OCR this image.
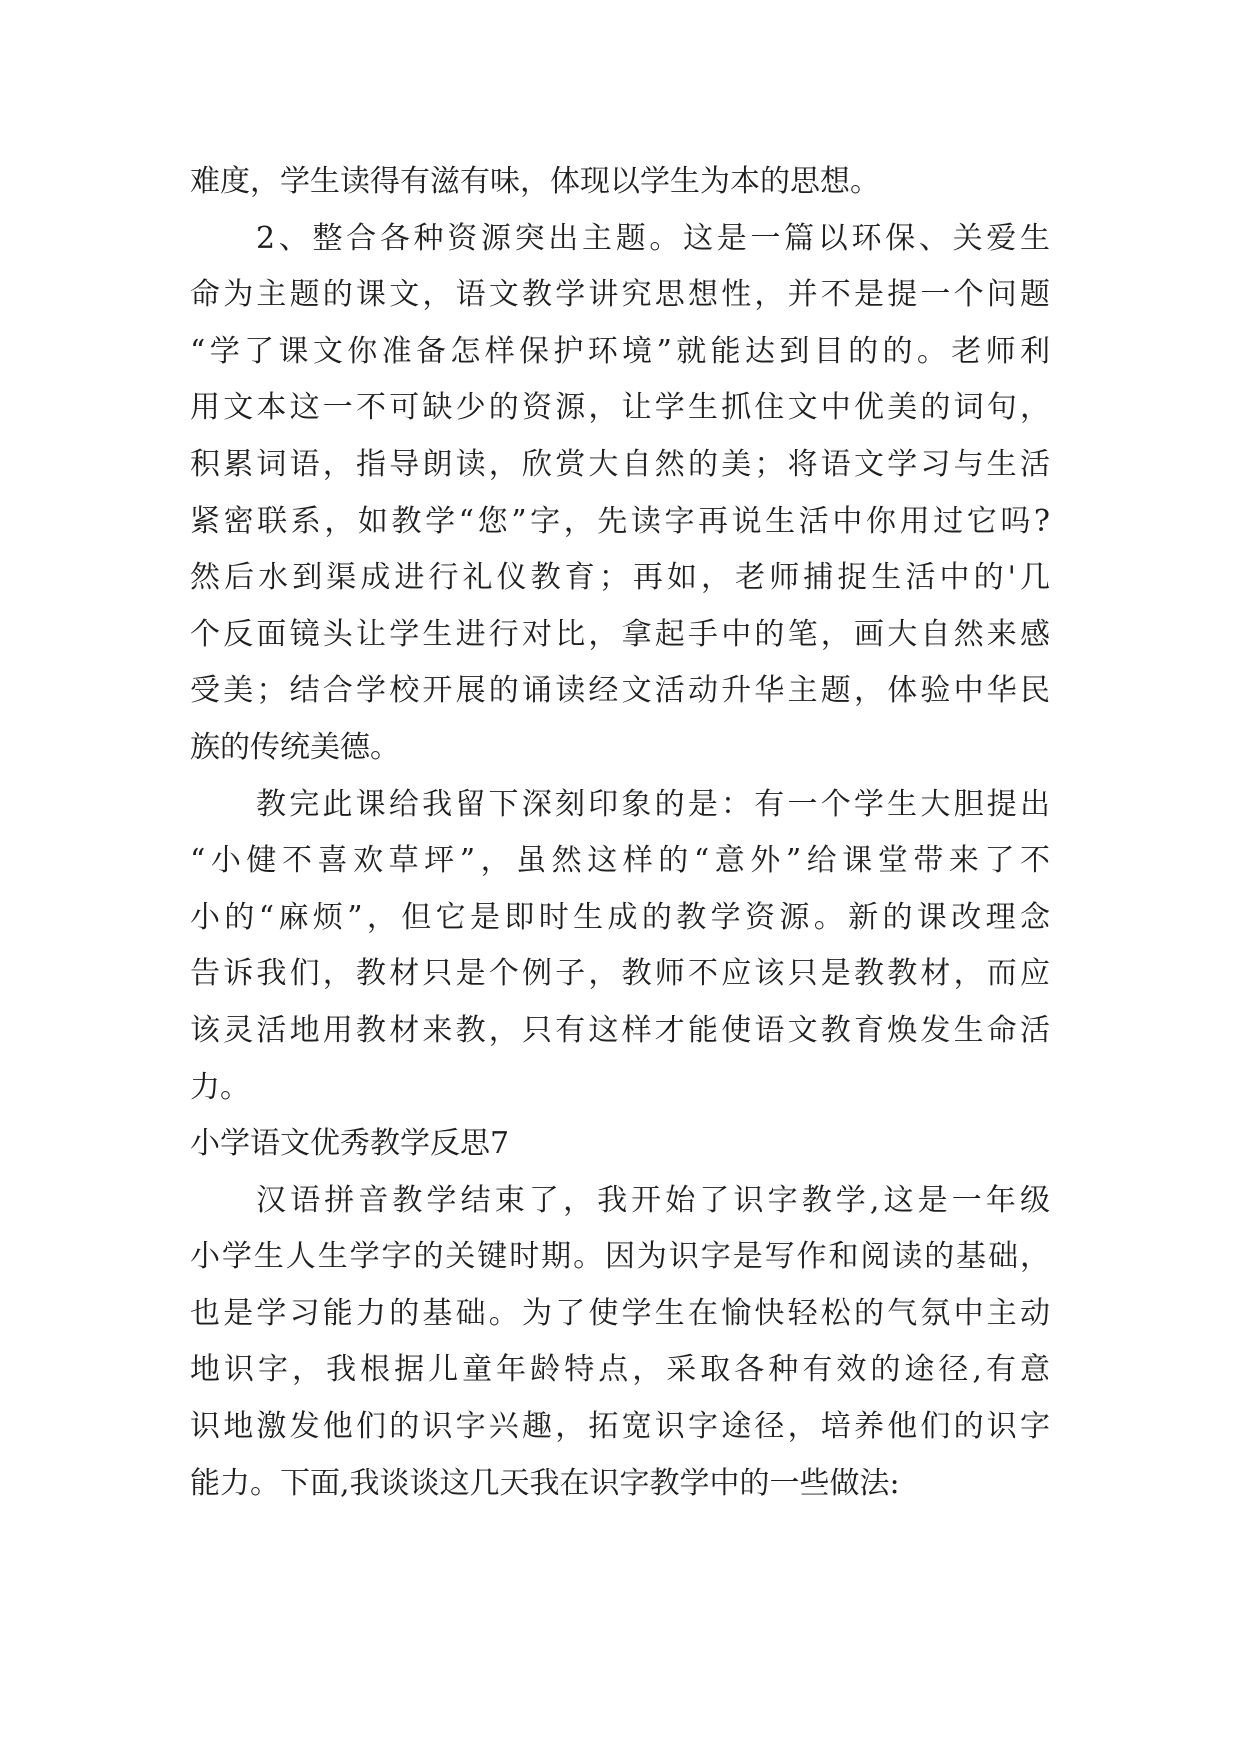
难度，学生读得有滋有味，体现以学生为本的思想。
2、整合各种资源突出主题。这是一篇以环保、关爱生
命为主题的课文，语文教学讲究思想性，并不是提一个问题
“学了课文你准备怎样保护环境”就能达到目的的。老师利
用文本这一不可缺少的资源，让学生抓住文中优美的词句，
积累词语，指导朗读，欣赏大自然的美；将语文学习与生活
紧密联系，如教学“您”字，先读字再说生活中你用过它吗?
然后水到渠成进行礼仪教育；再如，老师捕捉生活中的'几
个反面镜头让学生进行对比，拿起手中的笔，画大自然来感
受美；结合学校开展的诵读经文活动升华主题，体验中华民
族的传统美德。
教完此课给我留下深刻印象的是：有一个学生大胆提出
“小健不喜欢草坪”，虽然这样的“意外”给课堂带来了不
小的“麻烦”，但它是即时生成的教学资源。新的课改理念
告诉我们，教材只是个例子，教师不应该只是教教材，而应
该灵活地用教材来教，只有这样才能使语文教育焕发生命活
力。
小学语文优秀教学反思7
汉语拼音教学结束了，我开始了识字教学,这是一年级
小学生人生学字的关键时期。因为识字是写作和阅读的基础，
也是学习能力的基础。为了使学生在愉快轻松的气氛中主动
地识字，我根据儿童年龄特点，采取各种有效的途径,有意
识地激发他们的识字兴趣，拓宽识字途径，培养他们的识字
能力。下面,我谈谈这几天我在识字教学中的一些做法:
